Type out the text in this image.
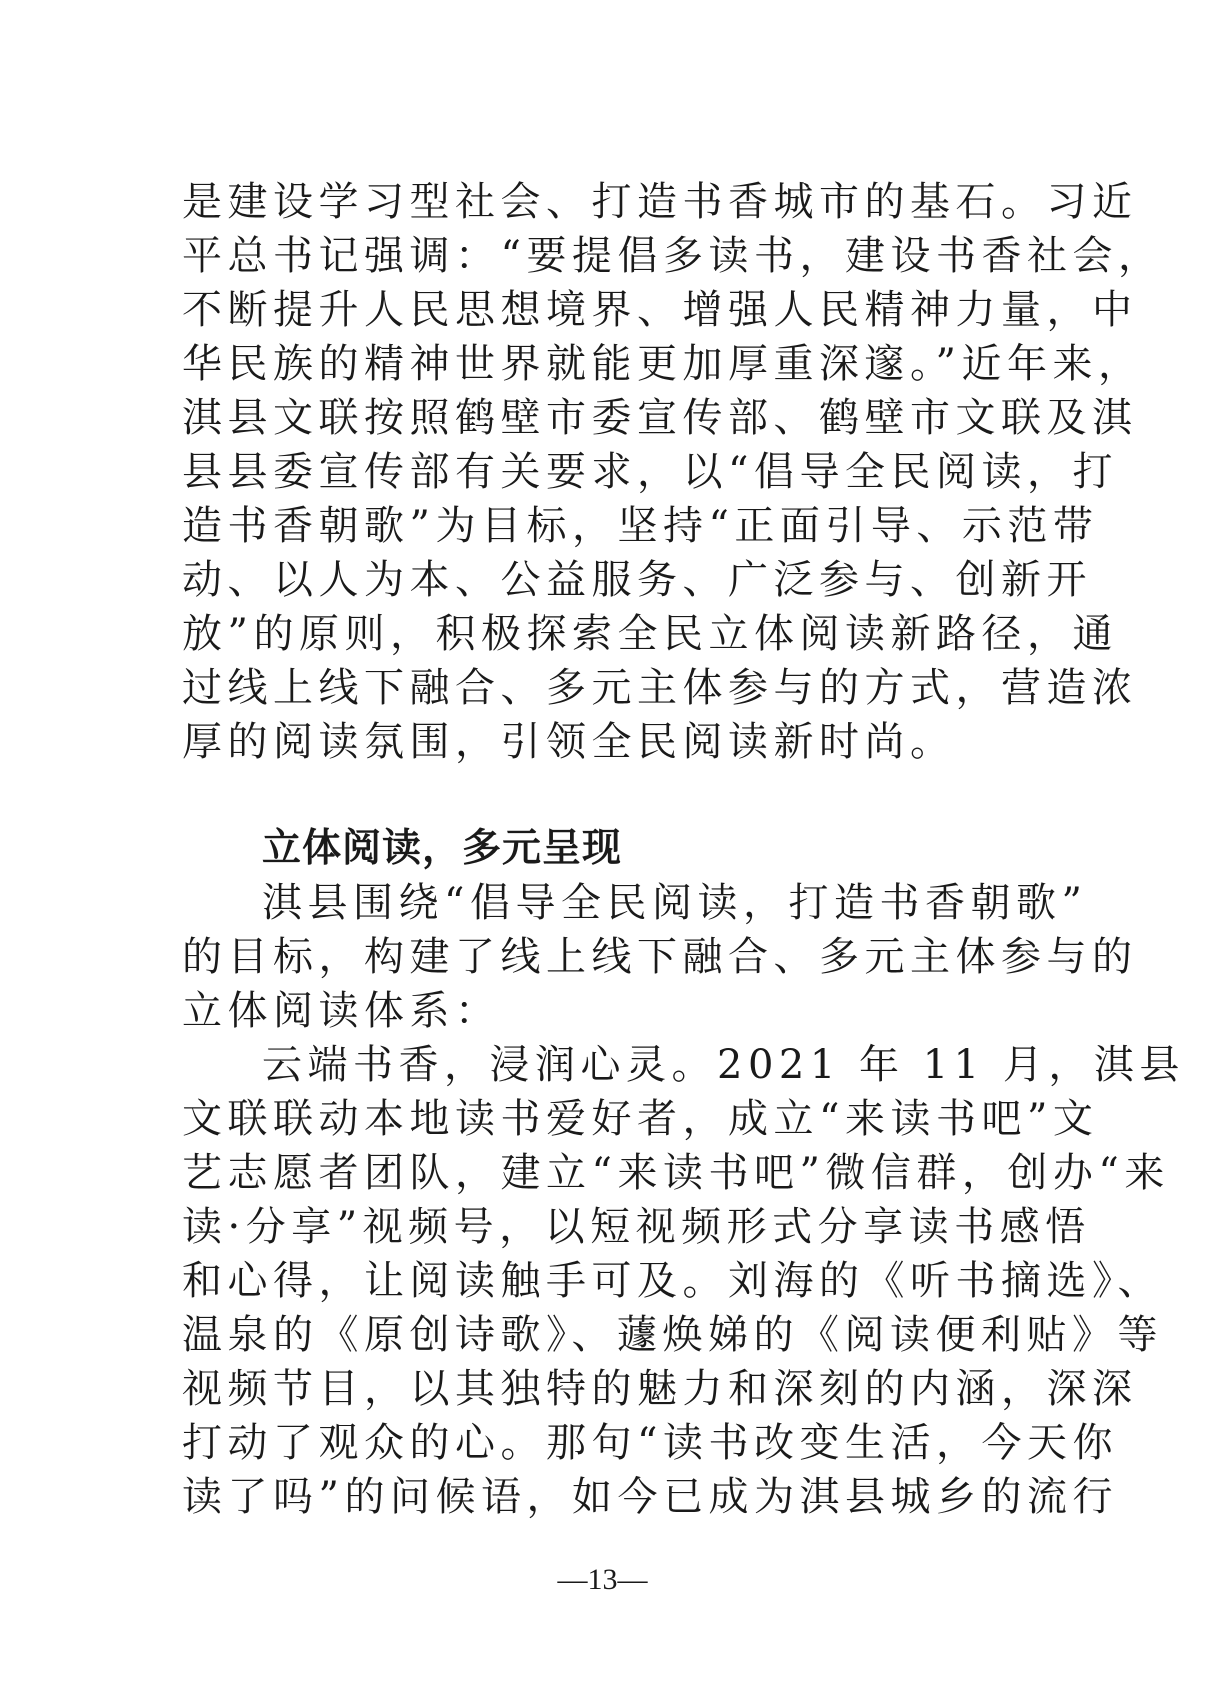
是建设学习型社会、打造书香城市的基石。习近
平总书记强调：“要提倡多读书，建设书香社会，
不断提升人民思想境界、增强人民精神力量，中
华民族的精神世界就能更加厚重深邃。”近年来，
淇县文联按照鹤壁市委宣传部、鹤壁市文联及淇
县县委宣传部有关要求，以“倡导全民阅读，打
造书香朝歌”为目标，坚持“正面引导、示范带
动、以人为本、公益服务、广泛参与、创新开
放”的原则，积极探索全民立体阅读新路径，通
过线上线下融合、多元主体参与的方式，营造浓
厚的阅读氛围，引领全民阅读新时尚。
立体阅读，多元呈现
淇县围绕“倡导全民阅读，打造书香朝歌”
的目标，构建了线上线下融合、多元主体参与的
立体阅读体系：
云端书香，浸润心灵。2021 年 11 月，淇县
文联联动本地读书爱好者，成立“来读书吧”文
艺志愿者团队，建立“来读书吧”微信群，创办“来
读·分享”视频号，以短视频形式分享读书感悟
和心得，让阅读触手可及。刘海的《听书摘选》、
温泉的《原创诗歌》、蘧焕娣的《阅读便利贴》等
视频节目，以其独特的魅力和深刻的内涵，深深
打动了观众的心。那句“读书改变生活，今天你
读了吗”的问候语，如今已成为淇县城乡的流行
—13—
